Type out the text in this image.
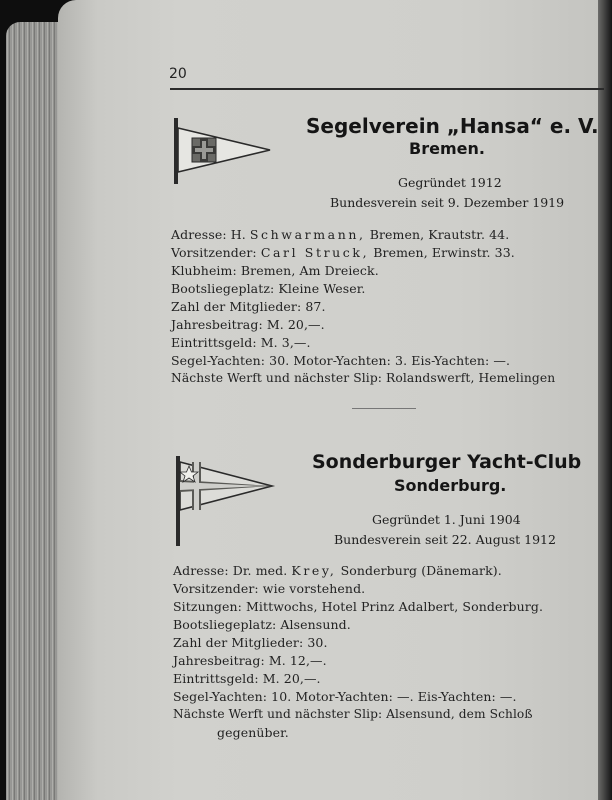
20
Segelverein „Hansa“ e. V.
Bremen.
Gegründet 1912
Bundesverein seit 9. Dezember 1919
Adresse: H. Schwarmann, Bremen, Krautstr. 44.
Vorsitzender: Carl Struck, Bremen, Erwinstr. 33.
Klubheim: Bremen, Am Dreieck.
Bootsliegeplatz: Kleine Weser.
Zahl der Mitglieder: 87.
Jahresbeitrag: M. 20,—.
Eintrittsgeld: M. 3,—.
Segel-Yachten: 30. Motor-Yachten: 3. Eis-Yachten: —.
Nächste Werft und nächster Slip: Rolandswerft, Hemelingen
Sonderburger Yacht-Club
Sonderburg.
Gegründet 1. Juni 1904
Bundesverein seit 22. August 1912
Adresse: Dr. med. Krey, Sonderburg (Dänemark).
Vorsitzender: wie vorstehend.
Sitzungen: Mittwochs, Hotel Prinz Adalbert, Sonderburg.
Bootsliegeplatz: Alsensund.
Zahl der Mitglieder: 30.
Jahresbeitrag: M. 12,—.
Eintrittsgeld: M. 20,—.
Segel-Yachten: 10. Motor-Yachten: —. Eis-Yachten: —.
Nächste Werft und nächster Slip: Alsensund, dem Schloß
gegenüber.
